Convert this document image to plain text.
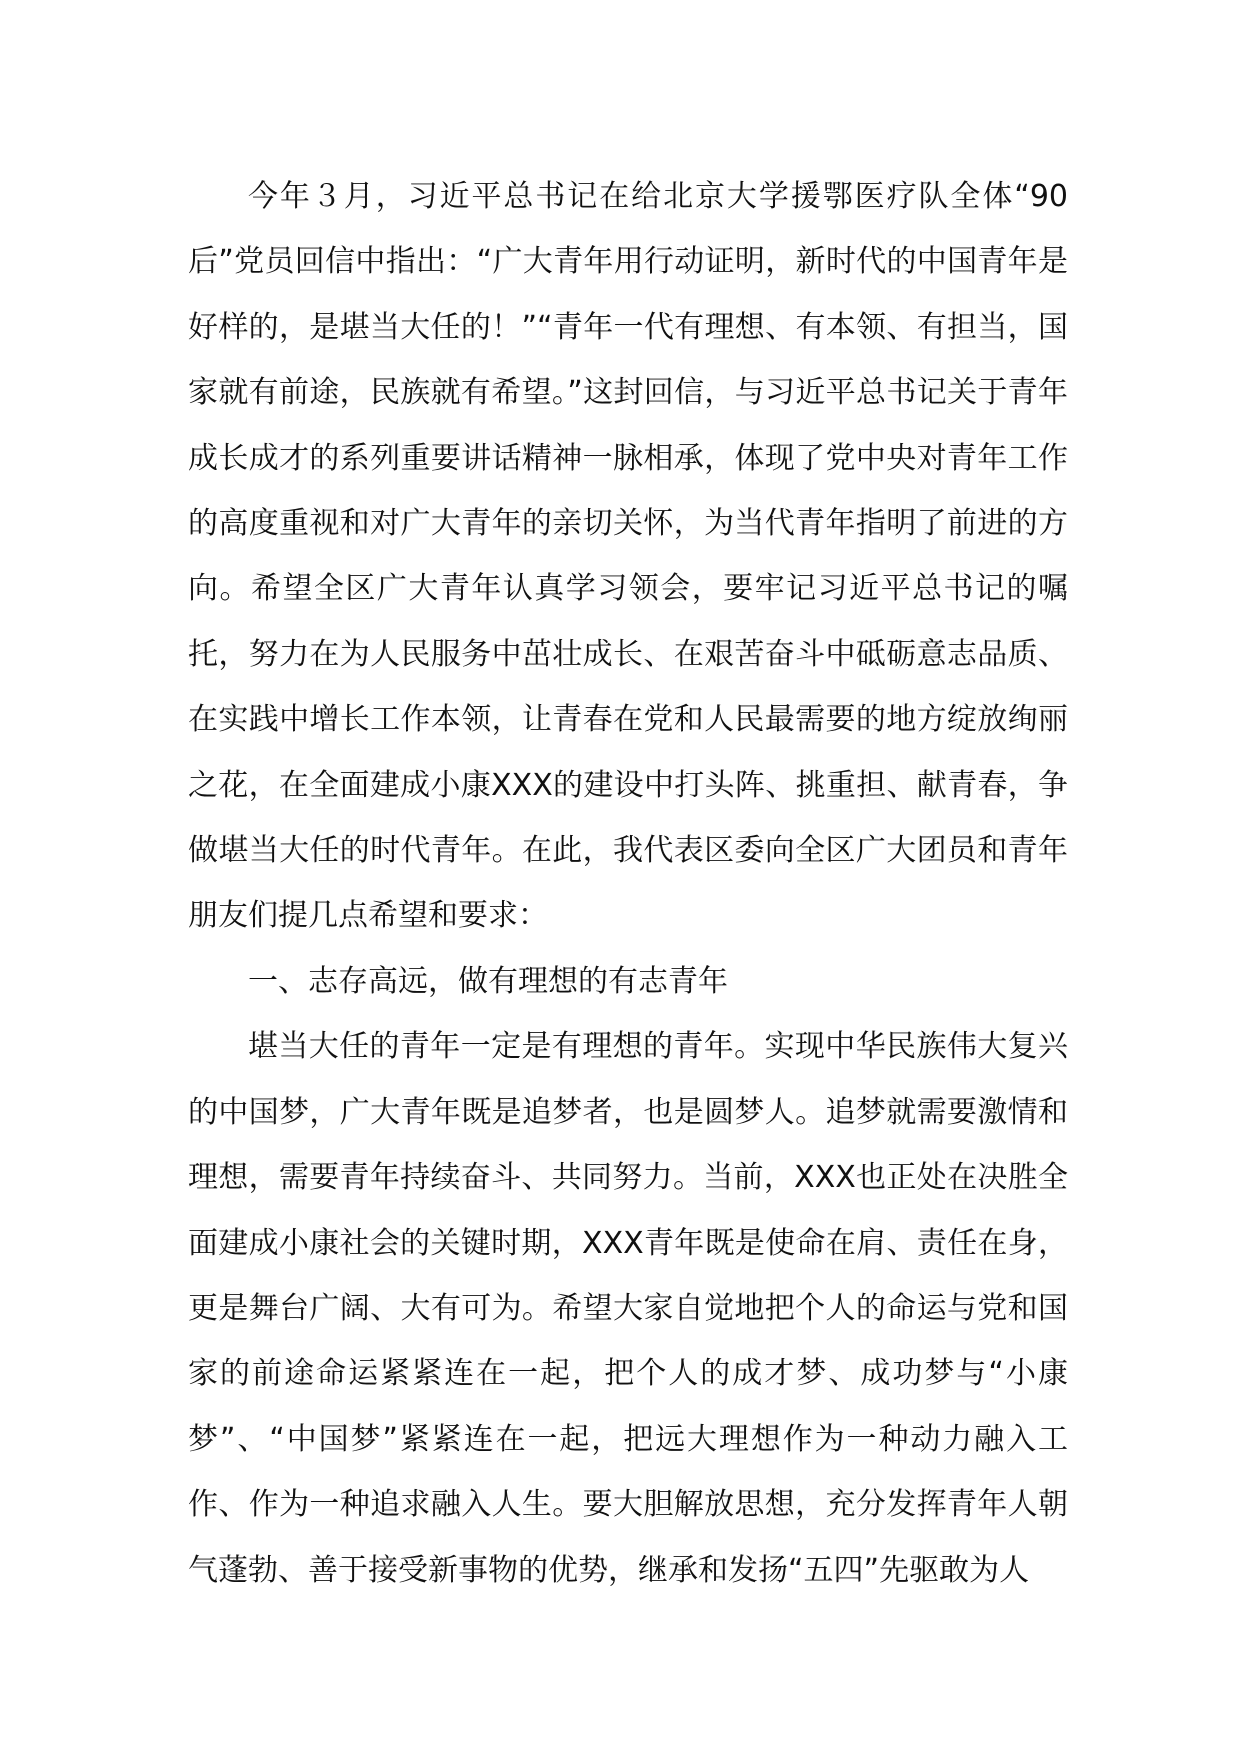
今年３月，习近平总书记在给北京大学援鄂医疗队全体“90后”党员回信中指出：“广大青年用行动证明，新时代的中国青年是好样的，是堪当大任的！”“青年一代有理想、有本领、有担当，国家就有前途，民族就有希望。”这封回信，与习近平总书记关于青年成长成才的系列重要讲话精神一脉相承，体现了党中央对青年工作的高度重视和对广大青年的亲切关怀，为当代青年指明了前进的方向。希望全区广大青年认真学习领会，要牢记习近平总书记的嘱托，努力在为人民服务中茁壮成长、在艰苦奋斗中砥砺意志品质、在实践中增长工作本领，让青春在党和人民最需要的地方绽放绚丽之花，在全面建成小康XXX的建设中打头阵、挑重担、献青春，争做堪当大任的时代青年。在此，我代表区委向全区广大团员和青年朋友们提几点希望和要求：

一、志存高远，做有理想的有志青年

堪当大任的青年一定是有理想的青年。实现中华民族伟大复兴的中国梦，广大青年既是追梦者，也是圆梦人。追梦就需要激情和理想，需要青年持续奋斗、共同努力。当前，XXX也正处在决胜全面建成小康社会的关键时期，XXX青年既是使命在肩、责任在身，更是舞台广阔、大有可为。希望大家自觉地把个人的命运与党和国家的前途命运紧紧连在一起，把个人的成才梦、成功梦与“小康梦”、“中国梦”紧紧连在一起，把远大理想作为一种动力融入工作、作为一种追求融入人生。要大胆解放思想，充分发挥青年人朝气蓬勃、善于接受新事物的优势，继承和发扬“五四”先驱敢为人
